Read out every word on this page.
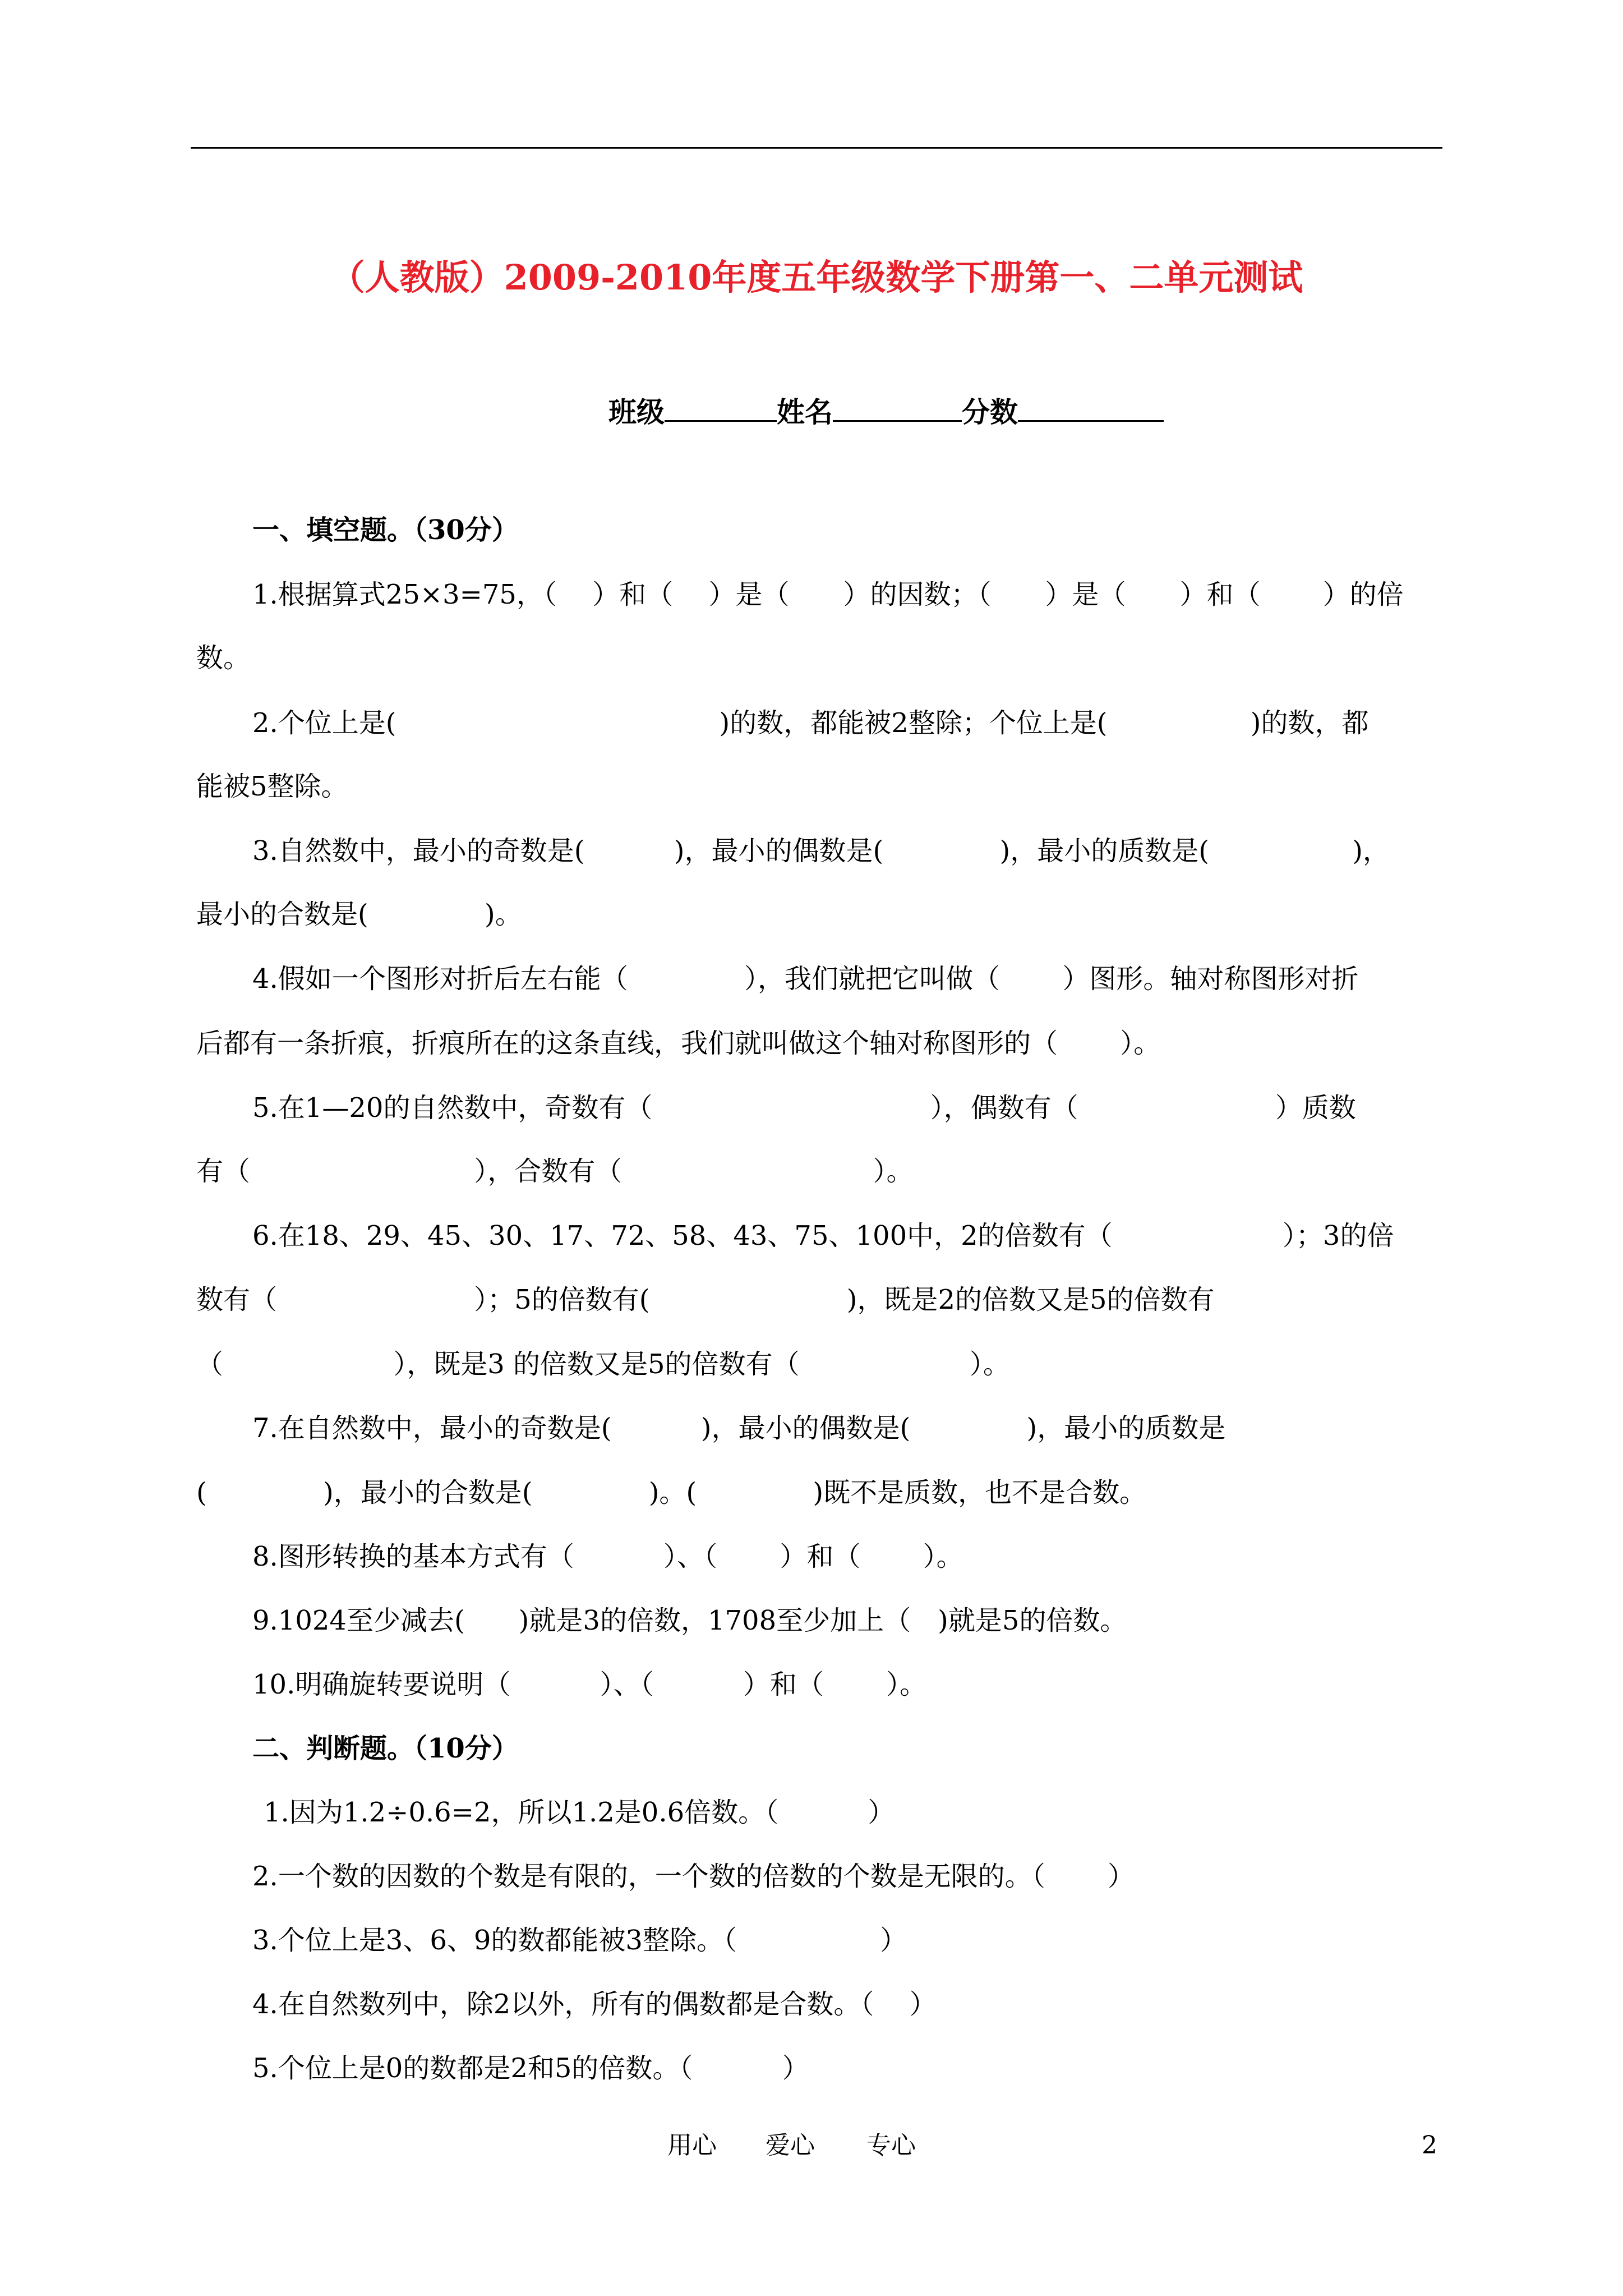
（人教版）2009-2010年度五年级数学下册第一、二单元测试
班级	姓名	分数
一、填空题。（30分）
1.根据算式25×3=75，（　 ）和（　 ）是（　　）的因数；（　　）是（　　）和（　　 ）的倍
数。
2.个位上是(　　　　　　　　　　　　)的数，都能被2整除；个位上是(　　　　　 )的数，都
能被5整除。
3.自然数中，最小的奇数是(　　　 )，最小的偶数是(　　　　 )，最小的质数是(　　　　　 )，
最小的合数是(　　　　 )。
4.假如一个图形对折后左右能（　　　　 ），我们就把它叫做（　　 ）图形。轴对称图形对折
后都有一条折痕，折痕所在的这条直线，我们就叫做这个轴对称图形的（　　 ）。
5.在1—20的自然数中，奇数有（　　　　　　　　　　 ），偶数有（　　　　　　　 ）质数
有（　　　　　　　　 ），合数有（　　　　　　　　　 ）。
6.在18、29、45、30、17、72、58、43、75、100中，2的倍数有（　　　　　　 ）；3的倍
数有（　　　　　　　 ）；5的倍数有(　　　　　　　 )，既是2的倍数又是5的倍数有
（　　　　　　 ），既是3 的倍数又是5的倍数有（　　　　　　 ）。
7.在自然数中，最小的奇数是(　　　 )，最小的偶数是(　　　　 )，最小的质数是
(　　　　 )，最小的合数是(　　　　 )。(　　　　 )既不是质数，也不是合数。
8.图形转换的基本方式有（　　　 ）、（　　 ）和（　　 ）。
9.1024至少减去(　　)就是3的倍数，1708至少加上（　)就是5的倍数。
10.明确旋转要说明（　　　 ）、（　　　 ）和（　　 ）。
二、判断题。（10分）
1.因为1.2÷0.6=2，所以1.2是0.6倍数。（　　　 ）
2.一个数的因数的个数是有限的，一个数的倍数的个数是无限的。（　　 ）
3.个位上是3、6、9的数都能被3整除。（　　　　　 ）
4.在自然数列中，除2以外，所有的偶数都是合数。（　 ）
5.个位上是0的数都是2和5的倍数。（　　　 ）
用心 爱心 专心	2
